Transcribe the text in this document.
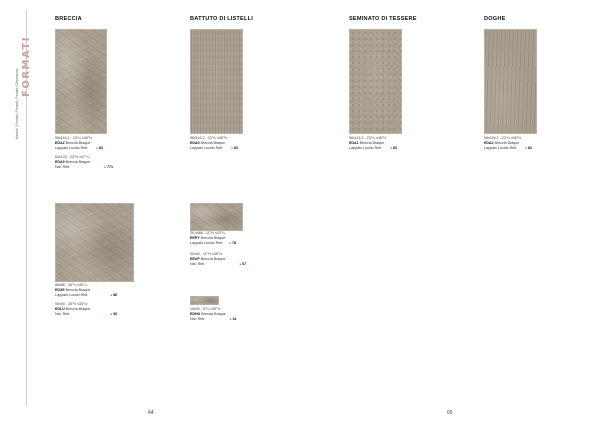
FORMATI
Marazzi | Formati | Formati | Formati | Dimensions
BRECCIA	BATTUTO DI LISTELLI	SEMINATO DI TESSERE	DOGHE
58x116,2 - 23"¼ x46"½
EDAZ Breccia Braque
Lappato Lucido Rett.	● 83
60x120 - 23"½ x47"¼
EDA9 Breccia Braque
Nat. Rett.	● 771
58x116,2 - 23"¼ x46"½
EDA0 Breccia Braque
Lappato Lucido Rett.	● 83
58x116,2 - 23"¼ x46"½
EDA1 Breccia Braque
Lappato Lucido Rett.	● 83
58x116,2 - 23"¼ x46"½
EDA2 Breccia Braque
Lappato Lucido Rett.	● 83
88x88 - 35"¼ x35"¼
EDXE Breccia Braque
Lappato Lucido Rett.	● 86
90x90 - 35"½ x35"½
EDLU Breccia Braque
Nat. Rett.	● 96
29,4x88 - 11"½ x23"¼
EEPY Breccia Braque
Lappato Lucido Rett.	● 78
30x90 - 11"½ x35"½
EEUP Breccia Braque
Nat. Rett.	● 67
15x90 - 5"¼ x35"½
EDHU Breccia Braque
Nat. Rett.	● 61
64	65
